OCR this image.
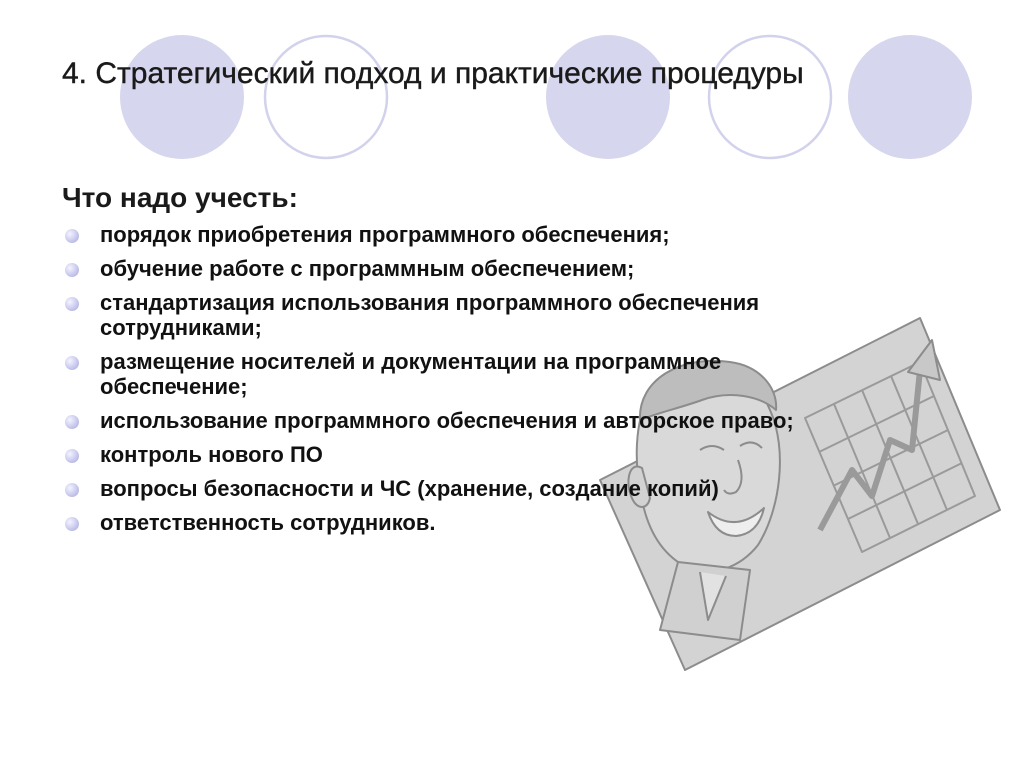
4. Стратегический подход и практические процедуры
Что надо учесть:
порядок приобретения программного обеспечения;
обучение работе с программным обеспечением;
стандартизация использования программного обеспечения сотрудниками;
размещение носителей и документации на программное обеспечение;
использование программного обеспечения и авторское право;
контроль нового ПО
вопросы безопасности и ЧС (хранение, создание копий)
ответственность сотрудников.
